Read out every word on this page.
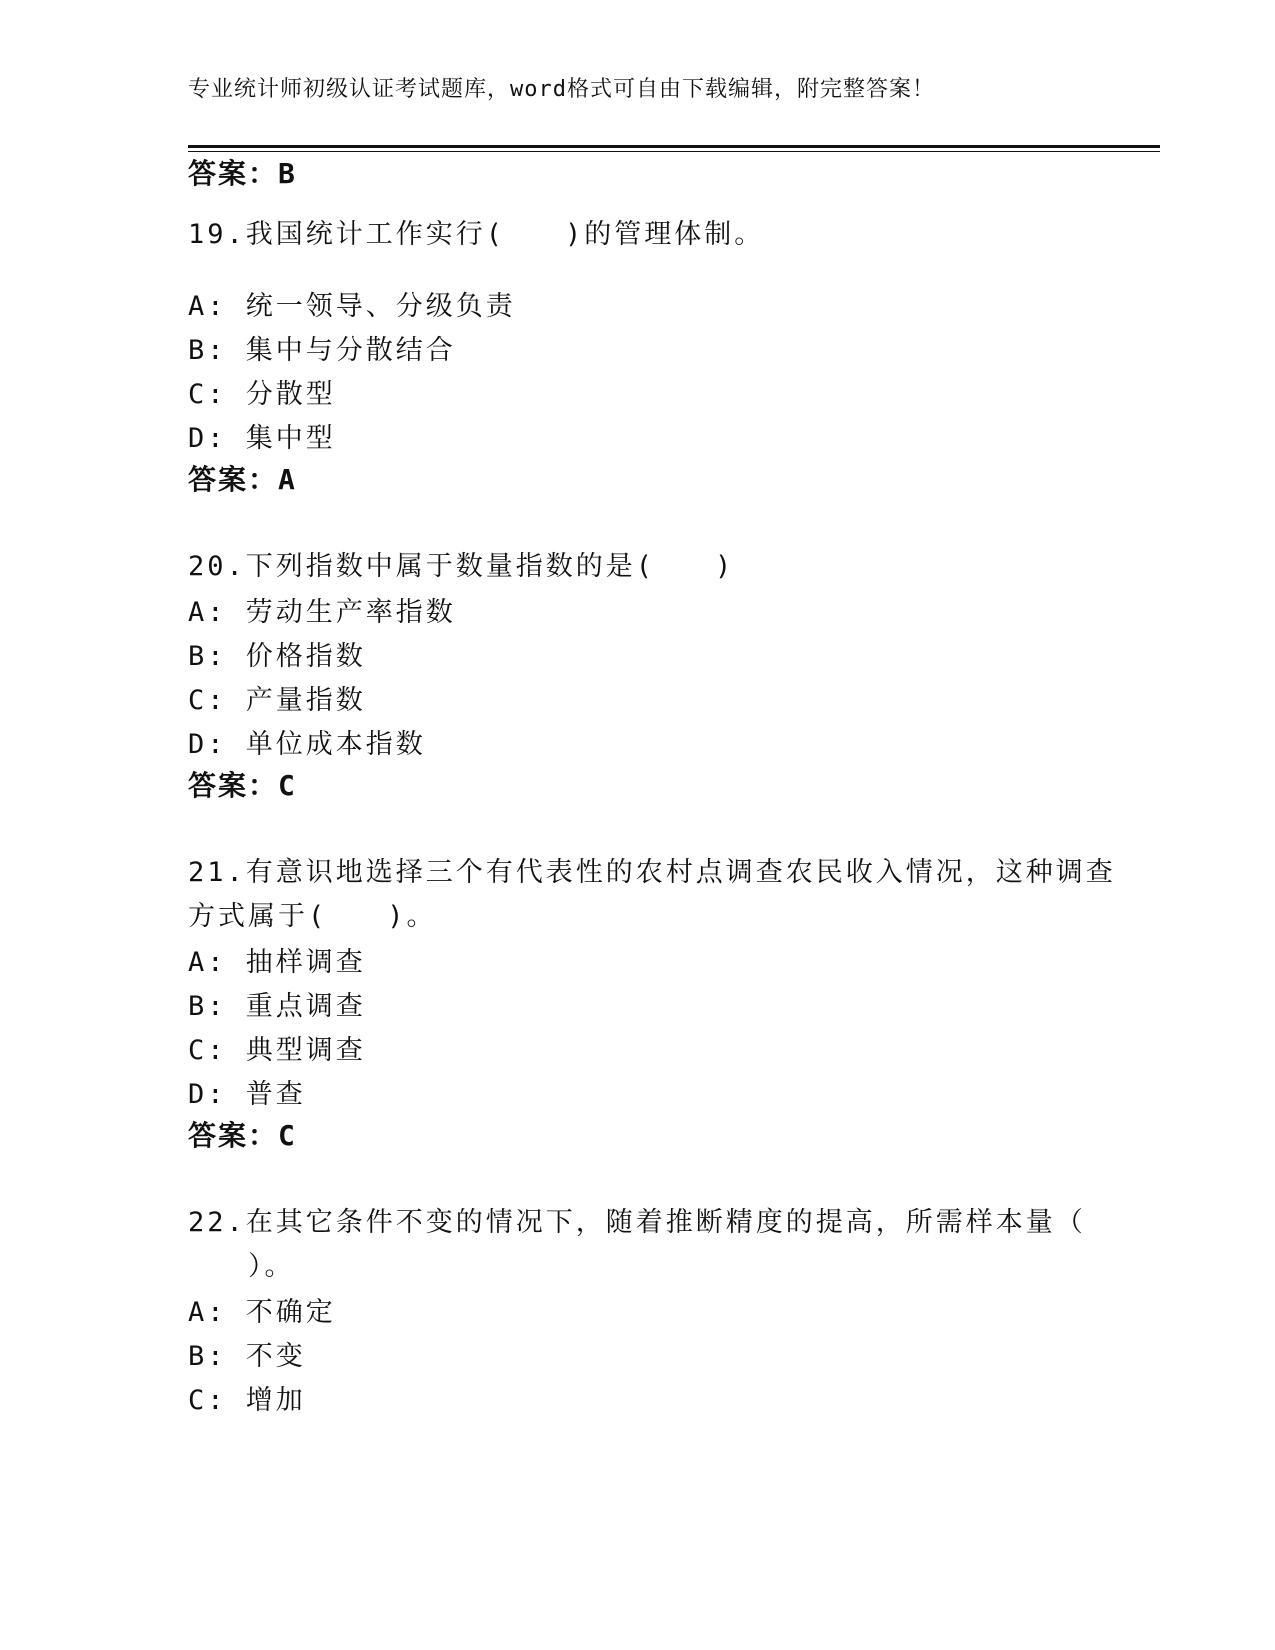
专业统计师初级认证考试题库，word格式可自由下载编辑，附完整答案！
答案：B
19.我国统计工作实行(　　)的管理体制。
A: 统一领导、分级负责
B: 集中与分散结合
C: 分散型
D: 集中型
答案：A
20.下列指数中属于数量指数的是(　　)
A: 劳动生产率指数
B: 价格指数
C: 产量指数
D: 单位成本指数
答案：C
21.有意识地选择三个有代表性的农村点调查农民收入情况，这种调查
方式属于(　　)。
A: 抽样调查
B: 重点调查
C: 典型调查
D: 普查
答案：C
22.在其它条件不变的情况下，随着推断精度的提高，所需样本量（
　　）。
A: 不确定
B: 不变
C: 增加
